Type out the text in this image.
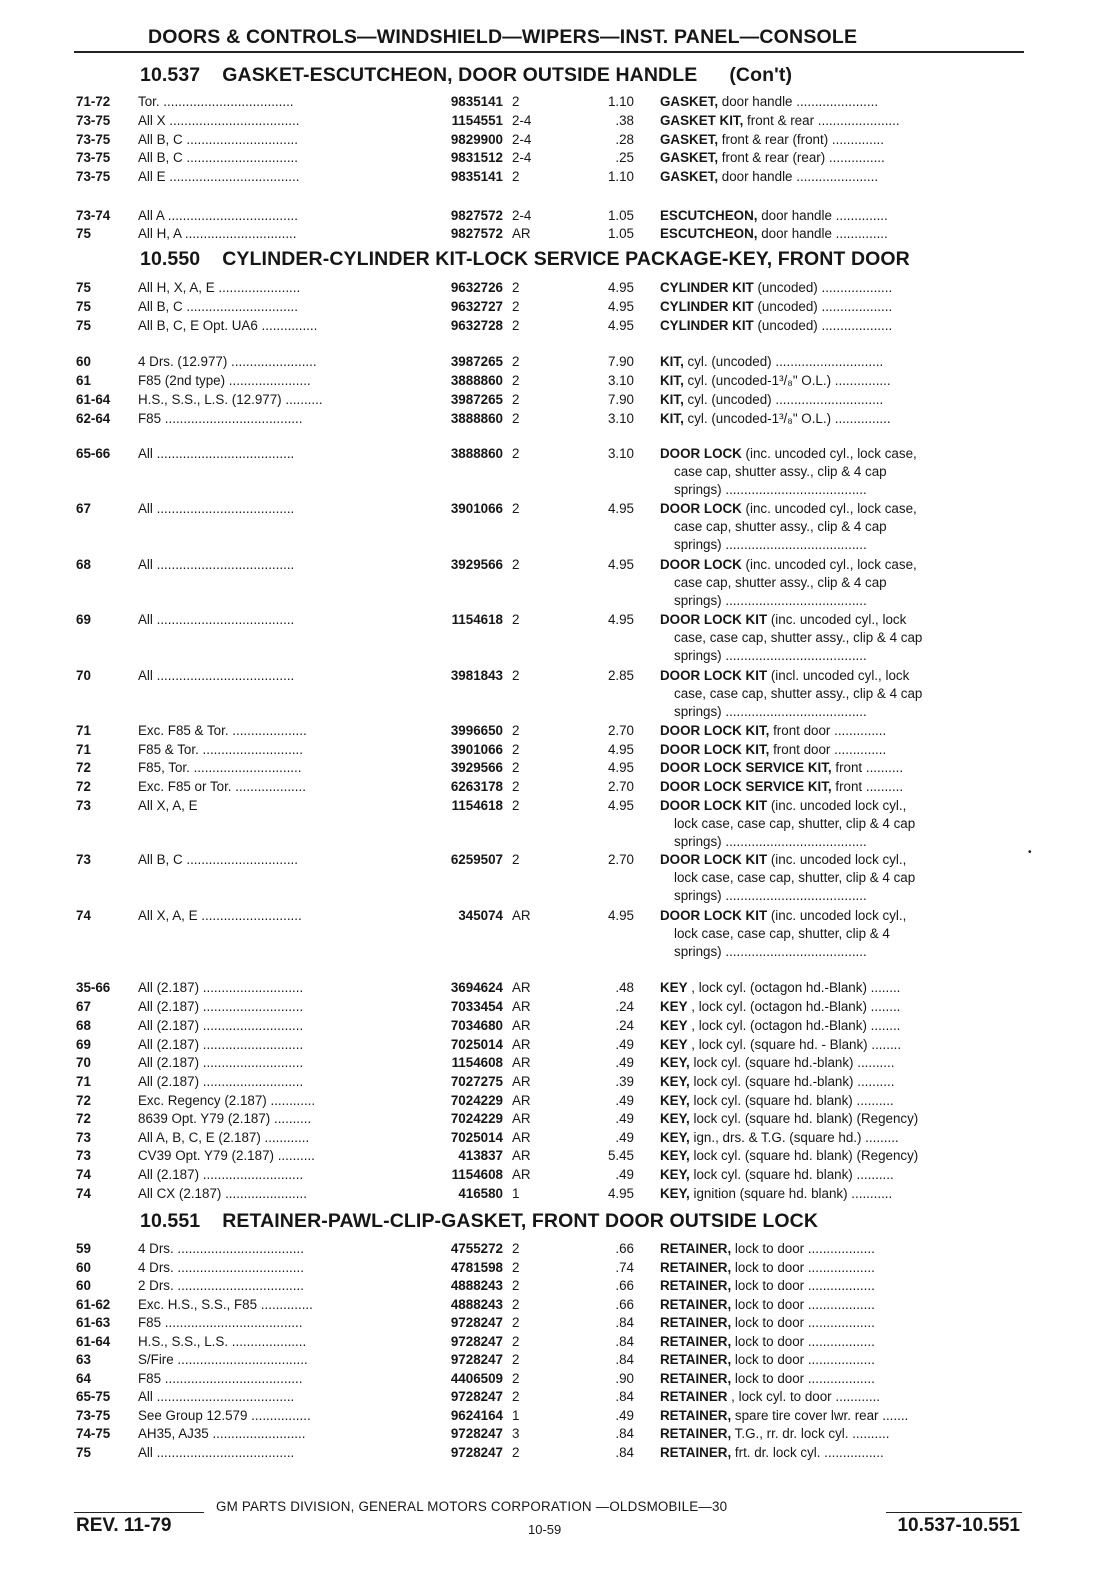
DOORS & CONTROLS—WINDSHIELD—WIPERS—INST. PANEL—CONSOLE
10.537 GASKET-ESCUTCHEON, DOOR OUTSIDE HANDLE (Con't)
71-72 Tor. ...................................	9835141 2	1.10 GASKET, door handle ......................
73-75 All X ...................................	1154551 2-4	.38 GASKET KIT, front & rear ......................
73-75 All B, C ..............................	9829900 2-4	.28 GASKET, front & rear (front) ..............
73-75 All B, C ..............................	9831512 2-4	.25 GASKET, front & rear (rear) ...............
73-75 All E ...................................	9835141 2	1.10 GASKET, door handle ......................
73-74 All A ...................................	9827572 2-4	1.05 ESCUTCHEON, door handle ..............
75	All H, A ..............................	9827572 AR	1.05 ESCUTCHEON, door handle ..............
10.550 CYLINDER-CYLINDER KIT-LOCK SERVICE PACKAGE-KEY, FRONT DOOR
75	All H, X, A, E ......................	9632726 2	4.95 CYLINDER KIT (uncoded) ...................
75	All B, C ..............................	9632727 2	4.95 CYLINDER KIT (uncoded) ...................
75	All B, C, E Opt. UA6 ...............	9632728 2	4.95 CYLINDER KIT (uncoded) ...................
60	4 Drs. (12.977) .......................	3987265 2	7.90 KIT, cyl. (uncoded) .............................
61	F85 (2nd type) ......................	3888860 2	3.10 KIT, cyl. (uncoded-1³/₈" O.L.) ...............
61-64 H.S., S.S., L.S. (12.977) ..........	3987265 2	7.90 KIT, cyl. (uncoded) .............................
62-64 F85 .....................................	3888860 2	3.10 KIT, cyl. (uncoded-1³/₈" O.L.) ...............
65-66 All .....................................	3888860 2	3.10 DOOR LOCK (inc. uncoded cyl., lock case,
case cap, shutter assy., clip & 4 cap
springs) ......................................
67	All .....................................	3901066 2	4.95 DOOR LOCK (inc. uncoded cyl., lock case,
case cap, shutter assy., clip & 4 cap
springs) ......................................
68	All .....................................	3929566 2	4.95 DOOR LOCK (inc. uncoded cyl., lock case,
case cap, shutter assy., clip & 4 cap
springs) ......................................
69	All .....................................	1154618 2	4.95 DOOR LOCK KIT (inc. uncoded cyl., lock
case, case cap, shutter assy., clip & 4 cap
springs) ......................................
70	All .....................................	3981843 2	2.85 DOOR LOCK KIT (incl. uncoded cyl., lock
case, case cap, shutter assy., clip & 4 cap
springs) ......................................
71	Exc. F85 & Tor. ....................	3996650 2	2.70 DOOR LOCK KIT, front door ..............
71	F85 & Tor. ...........................	3901066 2	4.95 DOOR LOCK KIT, front door ..............
72	F85, Tor. .............................	3929566 2	4.95 DOOR LOCK SERVICE KIT, front ..........
72	Exc. F85 or Tor. ...................	6263178 2	2.70 DOOR LOCK SERVICE KIT, front ..........
73	All X, A, E	1154618 2	4.95 DOOR LOCK KIT (inc. uncoded lock cyl.,
lock case, case cap, shutter, clip & 4 cap
springs) ......................................
73	All B, C ..............................	6259507 2	2.70 DOOR LOCK KIT (inc. uncoded lock cyl.,
lock case, case cap, shutter, clip & 4 cap
springs) ......................................
74	All X, A, E ...........................	345074 AR	4.95 DOOR LOCK KIT (inc. uncoded lock cyl.,
lock case, case cap, shutter, clip & 4
springs) ......................................
35-66 All (2.187) ...........................	3694624 AR	.48 KEY , lock cyl. (octagon hd.-Blank) ........
67	All (2.187) ...........................	7033454 AR	.24 KEY , lock cyl. (octagon hd.-Blank) ........
68	All (2.187) ...........................	7034680 AR	.24 KEY , lock cyl. (octagon hd.-Blank) ........
69	All (2.187) ...........................	7025014 AR	.49 KEY , lock cyl. (square hd. - Blank) ........
70	All (2.187) ...........................	1154608 AR	.49 KEY, lock cyl. (square hd.-blank) ..........
71	All (2.187) ...........................	7027275 AR	.39 KEY, lock cyl. (square hd.-blank) ..........
72	Exc. Regency (2.187) ............	7024229 AR	.49 KEY, lock cyl. (square hd. blank) ..........
72	8639 Opt. Y79 (2.187) ..........	7024229 AR	.49 KEY, lock cyl. (square hd. blank) (Regency)
73	All A, B, C, E (2.187) ............	7025014 AR	.49 KEY, ign., drs. & T.G. (square hd.) .........
73	CV39 Opt. Y79 (2.187) ..........	413837 AR	5.45 KEY, lock cyl. (square hd. blank) (Regency)
74	All (2.187) ...........................	1154608 AR	.49 KEY, lock cyl. (square hd. blank) ..........
74	All CX (2.187) ......................	416580 1	4.95 KEY, ignition (square hd. blank) ...........
10.551 RETAINER-PAWL-CLIP-GASKET, FRONT DOOR OUTSIDE LOCK
59	4 Drs. ..................................	4755272 2	.66 RETAINER, lock to door ..................
60	4 Drs. ..................................	4781598 2	.74 RETAINER, lock to door ..................
60	2 Drs. ..................................	4888243 2	.66 RETAINER, lock to door ..................
61-62 Exc. H.S., S.S., F85 ..............	4888243 2	.66 RETAINER, lock to door ..................
61-63 F85 .....................................	9728247 2	.84 RETAINER, lock to door ..................
61-64 H.S., S.S., L.S. ....................	9728247 2	.84 RETAINER, lock to door ..................
63	S/Fire ...................................	9728247 2	.84 RETAINER, lock to door ..................
64	F85 .....................................	4406509 2	.90 RETAINER, lock to door ..................
65-75 All .....................................	9728247 2	.84 RETAINER , lock cyl. to door ............
73-75 See Group 12.579 ................	9624164 1	.49 RETAINER, spare tire cover lwr. rear .......
74-75 AH35, AJ35 .........................	9728247 3	.84 RETAINER, T.G., rr. dr. lock cyl. ..........
75	All .....................................	9728247 2	.84 RETAINER, frt. dr. lock cyl. ................
•
GM PARTS DIVISION, GENERAL MOTORS CORPORATION —OLDSMOBILE—30
REV. 11-79	10-59	10.537-10.551
